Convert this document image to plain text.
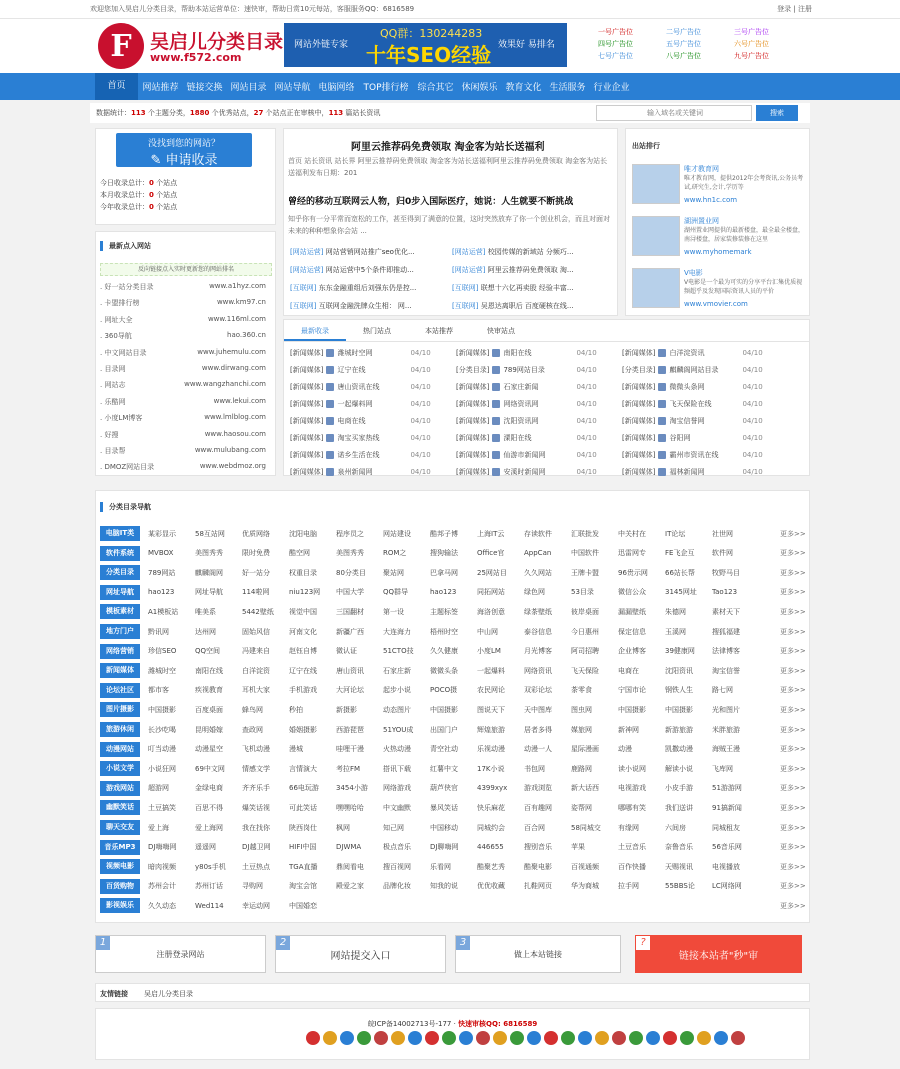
欢迎您加入昊启儿分类目录，帮助本站运营单位：速快审，帮助日赏10元每站，客服服务QQ：6816589	登录 | 注册
F 吴启儿分类目录
www.f572.com
网站外链专家
QQ群：130244283
十年SEO经验 效果好 易排名
一号广告位	二号广告位	三号广告位
四号广告位	五号广告位	六号广告位
七号广告位	八号广告位	九号广告位
首页	网站推荐 链接交换 网站目录 网站导航 电脑网络 TOP排行榜 综合其它 休闲娱乐 教育文化 生活服务 行业企业
数据统计：113 个主题分类，1880 个优秀站点，27 个站点正在审核中，113 篇站长资讯
输入域名或关键词	搜索
没找到您的网站？
✎ 申请收录
今日收录总计：0 个站点
本月收录总计：0 个站点
今年收录总计：0 个站点
最新点入网站
反向链接点入实时更新您的网站排名
. 好一站分类目录	www.a1hyz.com
. 卡盟排行榜	www.km97.cn
. 网址大全	www.116ml.com
. 360导航	hao.360.cn
. 中文网站目录	www.juhemulu.com
. 目录网	www.dirwang.com
. 网站志	www.wangzhanchi.com
. 乐酷网	www.lekui.com
. 小度LM博客	www.lmlblog.com
. 好搜	www.haosou.com
. 目录帮	www.mulubang.com
. DMOZ网站目录	www.webdmoz.org
阿里云推荐码免费领取 淘金客为站长送福利
首页 站长资讯 站长界 阿里云推荐码免费领取 淘金客为站长送福利阿里云推荐码免费领取 淘金客为站长送福利发布日期：201
曾经的移动互联网云人物，归0步入国际医疗，她说：人生就要不断挑战
知乎你有一分平常而宽松的工作，甚至得到了满意的位置，这时突然放弃了你一个创业机会，而且对面对未来的种种想象你会站 ...
[网站运营] 网站营销网站推广seo优化...	[网站运营] 校园传媒的新域站 分频巧...
[网站运营] 网站运营中5个条件即推动...	[网站运营] 阿里云推荐码免费领取 淘...
[互联网] 东东金融重组后刘强东仍是控...	[互联网] 联想十六亿再卖股 经验丰富...
[互联网] 互联网金融洗牌众生相： 网...	[互联网] 吴恩达离职后 百度硬核在线...
出站排行
唯才教育网
唯才教育网，提供2012年会考资讯,公务员考试,研究生,会计,学历等
www.hn1c.com
湖洲置业网
湖州置业网提供的最新楼盘，最全最全楼盘，南浔楼盘，居家装修装修在这里
www.myhomemark
V电影
V电影是一个最为可实的分享平台汇集优质视频超乎及发现国际资讯人员的平价
www.vmovier.com
最新收录	热门站点	本站推荐	快审站点
[新闻媒体] 潍城时空网	04/10	[新闻媒体] 南阳在线	04/10	[新闻媒体] 白洋淀资讯	04/10
[新闻媒体] 辽宁在线	04/10	[分类目录] 789网站目录	04/10	[分类目录] 麒麟阁网站目录	04/10
[新闻媒体] 唐山资讯在线	04/10	[新闻媒体] 石家庄新闻	04/10	[新闻媒体] 微微头条网	04/10
[新闻媒体] 一起爆料网	04/10	[新闻媒体] 网络资讯网	04/10	[新闻媒体] 飞天保险在线	04/10
[新闻媒体] 电商在线	04/10	[新闻媒体] 沈阳资讯网	04/10	[新闻媒体] 淘宝信誉网	04/10
[新闻媒体] 淘宝买家热线	04/10	[新闻媒体] 溧阳在线	04/10	[新闻媒体] 谷阳网	04/10
[新闻媒体] 诺乡生活在线	04/10	[新闻媒体] 仙游市新闻网	04/10	[新闻媒体] 霸州市资讯在线	04/10
[新闻媒体] 泉州新闻网	04/10	[新闻媒体] 安溪时新闻网	04/10	[新闻媒体] 福林新闻网	04/10
分类目录导航
电脑IT类	某彩显示	58互站网	优质网络	沈阳电脑	程序员之	网站建设	酷邦子博	上海IT云	存读软件	汇联批发	中关村在	IT论坛	社世网	更多>>
软件系统	MVBOX	美图秀秀	限时免费	酷空网	美图秀秀	ROM之	搜狗输法	Office官	AppCan	中国软件	迅雷网专	FE飞企互	软件网	更多>>
分类目录	789网站	麒麟阁网	好一站分	权重目录	80分类目	聚站网	巴拿马网	25网站目	久久网站	王牌卡盟	96贵示网	66站长帮	牧野马目	更多>>
网址导航	hao123	网址导航	114啦网	niu123网	中国大学	QQ群导	hao123	同拓网站	绿色网	53目录	微信公众	3145网址	Tao123	更多>>
模板素材	A1模板站	唯美系	5442壁纸	视觉中国	三国翻材	第一设	主题标签	海洛创意	绿茶壁纸	彼岸桌面	漏漏壁纸	朱德网	素材天下	更多>>
地方门户	黔讯网	达州网	固始风信	河南文化	新疆广西	大连海力	梧州时空	中山网	泰谷信息	今日惠州	保定信息	玉溪网	搜狐福建	更多>>
网络营销	珍信SEO	QQ空间	冯建来自	赵钰自博	微认证	51CTO技	久久健康	小度LM	月光博客	阿司招聘	企业博客	39健康网	法律博客	更多>>
新闻媒体	潍城时空	南阳在线	白洋淀资	辽宁在线	唐山资讯	石家庄新	微微头条	一起爆料	网络资讯	飞天保险	电商在	沈阳资讯	淘宝信誉	更多>>
论坛社区	都市客	疾视教育	耳机大家	手机游戏	大河论坛	起步小说	POCO摄	农民网论	双彩论坛	茶零食	宁国市论	钢铁人生	路七网	更多>>
图片摄影	中国摄影	百度桌面	蜂鸟网	秒拍	新摄影	动态图片	中国摄影	图说天下	天中图库	图虫网	中国摄影	中国摄影	光和图片	更多>>
旅游休闲	长沙吃喝	昆明婚嫁	查政网	婚姻摄影	西游琵琶	51YOU成	出国门户	辉煌旅游	居者多得	媒旅网	新神网	新游旅游	米胖旅游	更多>>
动漫网站	叮当动漫	动漫星空	飞机动漫	漫城	哇哩干漫	火热动漫	青空社动	乐视动漫	动漫一人	星际漫画	动漫	凯撒动漫	海贼王漫	更多>>
小说文学	小说狂网	69中文网	情感文学	言情演大	考拉FM	搭讯下载	红薯中文	17K小说	书包网	鹿路网	读小说网	解读小说	飞库网	更多>>
游戏网站	超游网	金绿电商	齐齐乐手	66电玩游	3454小游	网络游戏	葫芦侠官	4399xyx	游戏浏览	新大话西	电视游戏	小皮手游	51游游网	更多>>
幽默笑话	土豆搞笑	百思不得	爆笑话视	可此笑话	嘿嘿哈哈	中文幽默	暴风笑话	快乐麻花	百有趣网	姿帮网	哪哪有笑	我们送讲	91搞新闻	更多>>
聊天交友	爱上海	爱上海网	我在找你	陕西岗仕	枫网	知己网	中国移动	同城约会	百合网	58同城交	有缘网	六间房	同城租友	更多>>
音乐MP3	DJ嗨嗨网	遥遥网	DJ越卫网	HIFI中国	DJWMA	极点音乐	DJ聊嗨网	446655	搜别音乐	苹果	土豆音乐	奈鲁音乐	56音乐网	更多>>
视频电影	暗肉视频	y80s手机	土豆热点	TGA直播	鼎阅看电	搜百视网	乐看网	酷聚艺秀	酷聚电影	百视通频	百作快播	天赐视讯	电视播放	更多>>
百货购物	苏州会计	苏州订话	寻购网	淘宝会馆	殿爱之家	品牌化妆	知我的说	优优收藏	扎鞋网页	华为商城	拉手网	55BBS论	LC网络网	更多>>
影视娱乐	久久动态	Wed114	幸运动网	中国婚恋	更多>>
注册登录网站
1
网站提交入口
2
做上本站链接
3
链接本站者"秒"审
?
友情链接 吴启儿分类目录
皖ICP备14002713号-177 · 快速审核QQ: 6816589
